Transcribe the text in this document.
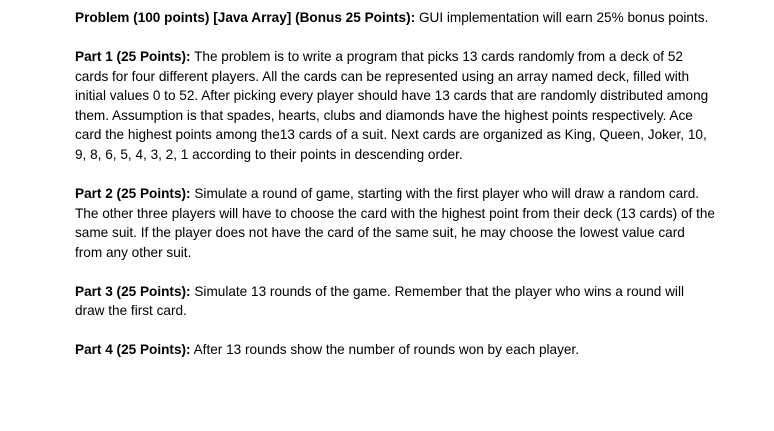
Problem (100 points) [Java Array] (Bonus 25 Points): GUI implementation will earn 25% bonus points.

Part 1 (25 Points): The problem is to write a program that picks 13 cards randomly from a deck of 52 cards for four different players. All the cards can be represented using an array named deck, filled with initial values 0 to 52. After picking every player should have 13 cards that are randomly distributed among them. Assumption is that spades, hearts, clubs and diamonds have the highest points respectively. Ace card the highest points among the13 cards of a suit. Next cards are organized as King, Queen, Joker, 10, 9, 8, 6, 5, 4, 3, 2, 1 according to their points in descending order.

Part 2 (25 Points): Simulate a round of game, starting with the first player who will draw a random card. The other three players will have to choose the card with the highest point from their deck (13 cards) of the same suit. If the player does not have the card of the same suit, he may choose the lowest value card from any other suit.

Part 3 (25 Points): Simulate 13 rounds of the game. Remember that the player who wins a round will draw the first card.

Part 4 (25 Points): After 13 rounds show the number of rounds won by each player.
